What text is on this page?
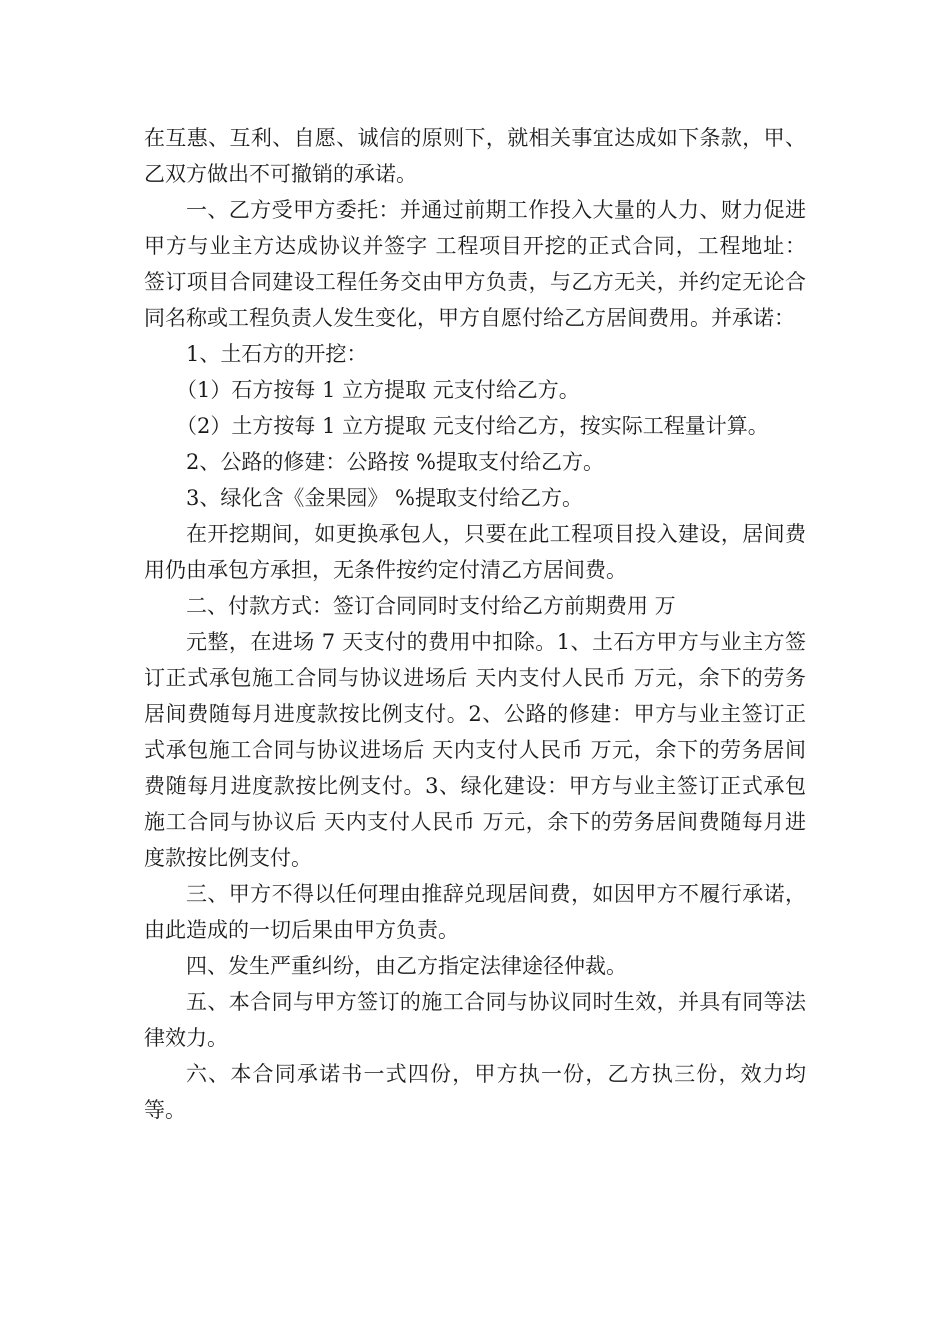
在互惠、互利、自愿、诚信的原则下，就相关事宜达成如下条款，甲、乙双方做出不可撤销的承诺。

一、乙方受甲方委托：并通过前期工作投入大量的人力、财力促进甲方与业主方达成协议并签字 工程项目开挖的正式合同，工程地址： 签订项目合同建设工程任务交由甲方负责，与乙方无关，并约定无论合同名称或工程负责人发生变化，甲方自愿付给乙方居间费用。并承诺：

1、土石方的开挖：

（1）石方按每 1 立方提取 元支付给乙方。

（2）土方按每 1 立方提取 元支付给乙方，按实际工程量计算。

2、公路的修建：公路按 %提取支付给乙方。

3、绿化含《金果园》 %提取支付给乙方。

在开挖期间，如更换承包人，只要在此工程项目投入建设，居间费用仍由承包方承担，无条件按约定付清乙方居间费。

二、付款方式：签订合同同时支付给乙方前期费用 万

元整，在进场 7 天支付的费用中扣除。1、土石方甲方与业主方签订正式承包施工合同与协议进场后 天内支付人民币 万元，余下的劳务居间费随每月进度款按比例支付。2、公路的修建：甲方与业主签订正式承包施工合同与协议进场后 天内支付人民币 万元，余下的劳务居间费随每月进度款按比例支付。3、绿化建设：甲方与业主签订正式承包施工合同与协议后 天内支付人民币 万元，余下的劳务居间费随每月进度款按比例支付。

三、甲方不得以任何理由推辞兑现居间费，如因甲方不履行承诺，由此造成的一切后果由甲方负责。

四、发生严重纠纷，由乙方指定法律途径仲裁。

五、本合同与甲方签订的施工合同与协议同时生效，并具有同等法律效力。

六、本合同承诺书一式四份，甲方执一份，乙方执三份，效力均等。
